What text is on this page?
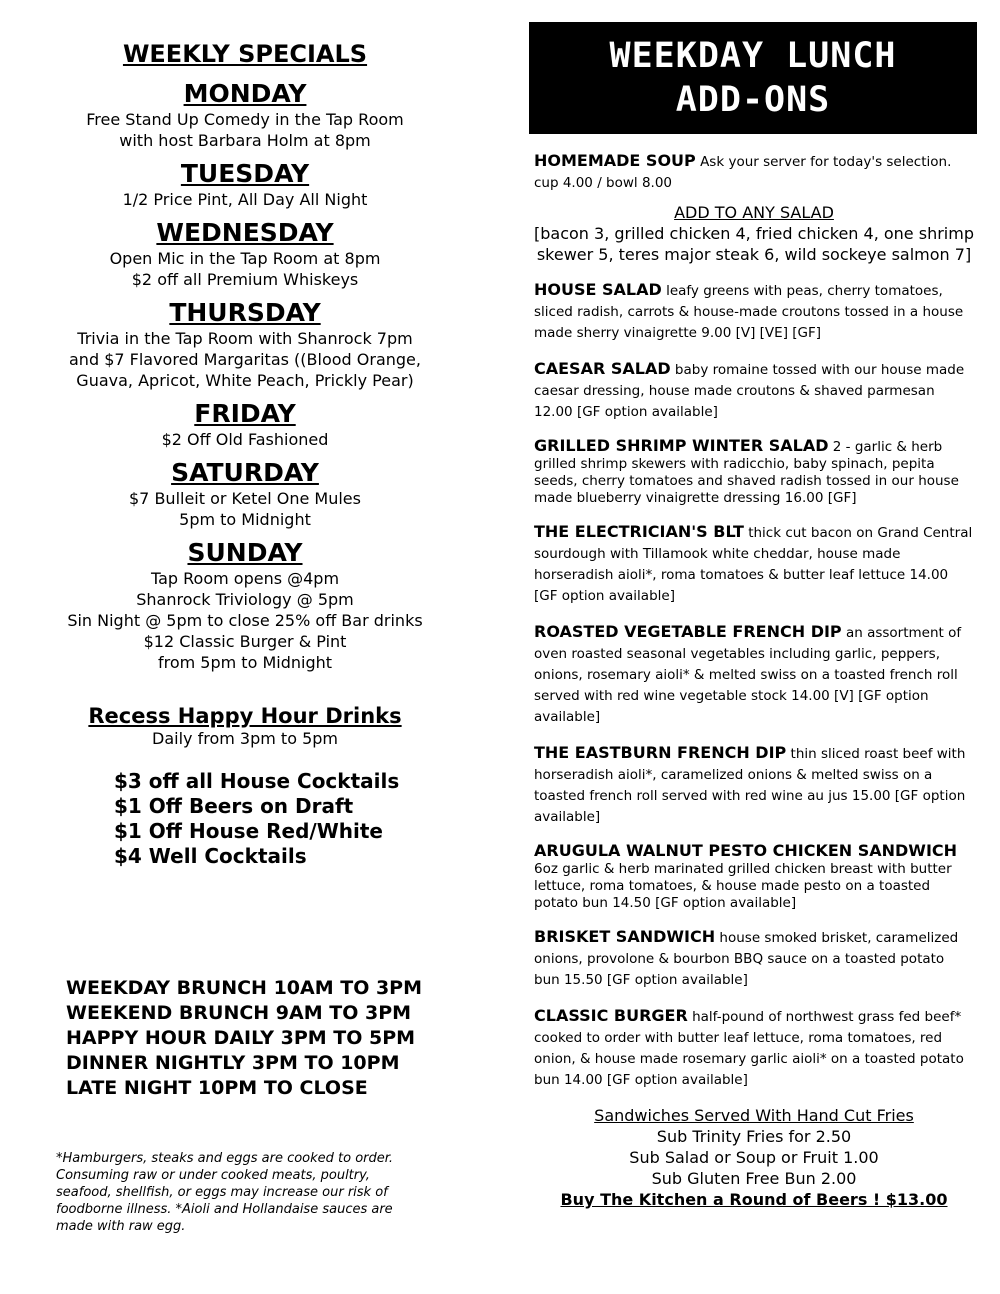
WEEKLY SPECIALS
MONDAY
Free Stand Up Comedy in the Tap Room
with host Barbara Holm at 8pm
TUESDAY
1/2 Price Pint, All Day All Night
WEDNESDAY
Open Mic in the Tap Room at 8pm
$2 off all Premium Whiskeys
THURSDAY
Trivia in the Tap Room with Shanrock 7pm
and $7 Flavored Margaritas ((Blood Orange,
Guava, Apricot, White Peach, Prickly Pear)
FRIDAY
$2 Off Old Fashioned
SATURDAY
$7 Bulleit or Ketel One Mules
5pm to Midnight
SUNDAY
Tap Room opens @4pm
Shanrock Triviology @ 5pm
Sin Night @ 5pm to close 25% off Bar drinks
$12 Classic Burger & Pint
from 5pm to Midnight
Recess Happy Hour Drinks
Daily from 3pm to 5pm
$3 off all House Cocktails
$1 Off Beers on Draft
$1 Off House Red/White
$4 Well Cocktails
WEEKDAY BRUNCH 10AM TO 3PM
WEEKEND BRUNCH 9AM TO 3PM
HAPPY HOUR DAILY 3PM TO 5PM
DINNER NIGHTLY 3PM TO 10PM
LATE NIGHT 10PM TO CLOSE
*Hamburgers, steaks and eggs are cooked to order. Consuming raw or under cooked meats, poultry, seafood, shellfish, or eggs may increase our risk of foodborne illness. *Aioli and Hollandaise sauces are made with raw egg.
WEEKDAY LUNCH
ADD-ONS
HOMEMADE SOUP Ask your server for today's selection.
cup 4.00 / bowl 8.00
ADD TO ANY SALAD
[bacon 3, grilled chicken 4, fried chicken 4, one shrimp skewer 5, teres major steak 6, wild sockeye salmon 7]
HOUSE SALAD leafy greens with peas, cherry tomatoes, sliced radish, carrots & house-made croutons tossed in a house made sherry vinaigrette 9.00 [V] [VE] [GF]
CAESAR SALAD baby romaine tossed with our house made caesar dressing, house made croutons & shaved parmesan 12.00 [GF option available]
GRILLED SHRIMP WINTER SALAD 2 - garlic & herb grilled shrimp skewers with radicchio, baby spinach, pepita seeds, cherry tomatoes and shaved radish tossed in our house made blueberry vinaigrette dressing 16.00 [GF]
THE ELECTRICIAN'S BLT thick cut bacon on Grand Central sourdough with Tillamook white cheddar, house made horseradish aioli*, roma tomatoes & butter leaf lettuce 14.00 [GF option available]
ROASTED VEGETABLE FRENCH DIP an assortment of oven roasted seasonal vegetables including garlic, peppers, onions, rosemary aioli* & melted swiss on a toasted french roll served with red wine vegetable stock 14.00 [V] [GF option available]
THE EASTBURN FRENCH DIP thin sliced roast beef with horseradish aioli*, caramelized onions & melted swiss on a toasted french roll served with red wine au jus 15.00 [GF option available]
ARUGULA WALNUT PESTO CHICKEN SANDWICH 6oz garlic & herb marinated grilled chicken breast with butter lettuce, roma tomatoes, & house made pesto on a toasted potato bun 14.50 [GF option available]
BRISKET SANDWICH house smoked brisket, caramelized onions, provolone & bourbon BBQ sauce on a toasted potato bun 15.50 [GF option available]
CLASSIC BURGER half-pound of northwest grass fed beef* cooked to order with butter leaf lettuce, roma tomatoes, red onion, & house made rosemary garlic aioli* on a toasted potato bun 14.00 [GF option available]
Sandwiches Served With Hand Cut Fries
Sub Trinity Fries for 2.50
Sub Salad or Soup or Fruit 1.00
Sub Gluten Free Bun 2.00
Buy The Kitchen a Round of Beers ! $13.00
